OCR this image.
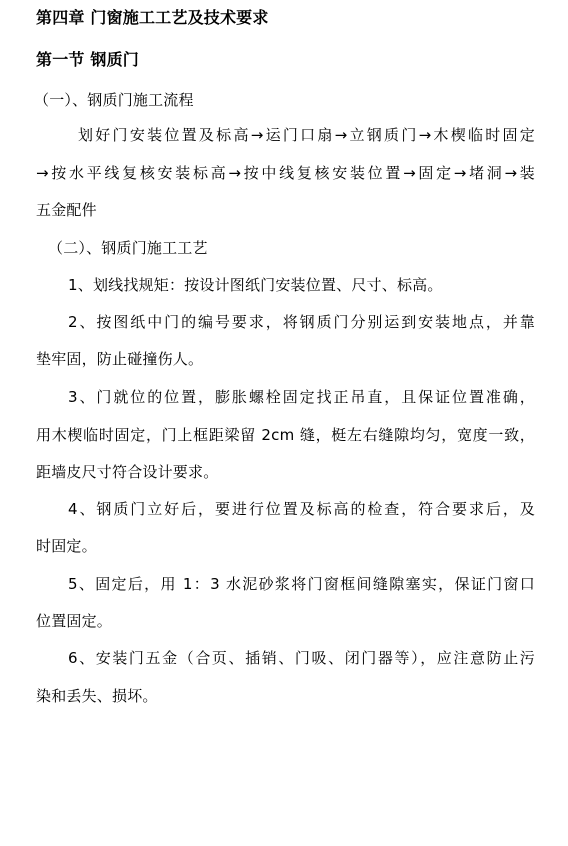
第四章 门窗施工工艺及技术要求
第一节 钢质门
（一）、钢质门施工流程
划好门安装位置及标高→运门口扇→立钢质门→木楔临时固定
→按水平线复核安装标高→按中线复核安装位置→固定→堵洞→装
五金配件
（二）、钢质门施工工艺
1、划线找规矩：按设计图纸门安装位置、尺寸、标高。
2、按图纸中门的编号要求，将钢质门分别运到安装地点，并靠
垫牢固，防止碰撞伤人。
3、门就位的位置，膨胀螺栓固定找正吊直，且保证位置准确，
用木楔临时固定，门上框距梁留 2cm 缝，梃左右缝隙均匀，宽度一致，
距墙皮尺寸符合设计要求。
4、钢质门立好后，要进行位置及标高的检查，符合要求后，及
时固定。
5、固定后，用 1：3 水泥砂浆将门窗框间缝隙塞实，保证门窗口
位置固定。
6、安装门五金（合页、插销、门吸、闭门器等），应注意防止污
染和丢失、损坏。
